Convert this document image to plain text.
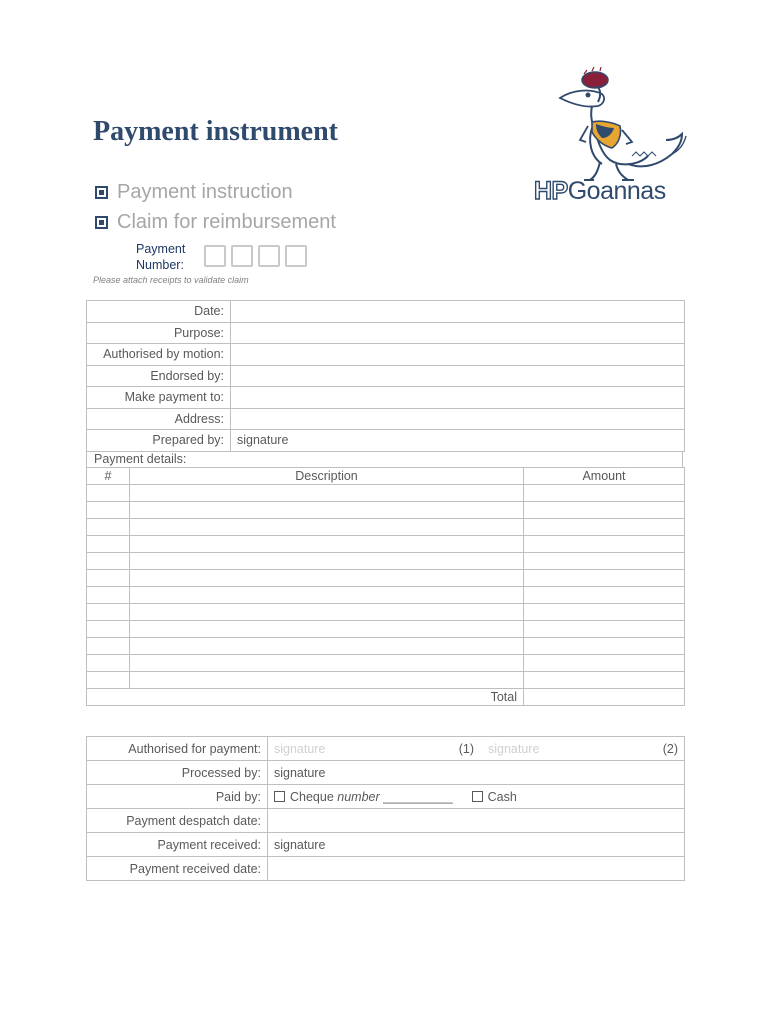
Payment instrument
Payment instruction
Claim for reimbursement
Payment
Number:
Please attach receipts to validate claim
HPGoannas
Date:	
Purpose:	
Authorised by motion:	
Endorsed by:	
Make payment to:	
Address:	
Prepared by:	signature
Payment details:
#	Description	Amount

Total		
Authorised for payment:	signature (1) signature (2)

Processed by:	signature
Paid by:	Cheque number __________ Cash
Payment despatch date:	
Payment received:	signature
Payment received date:	
